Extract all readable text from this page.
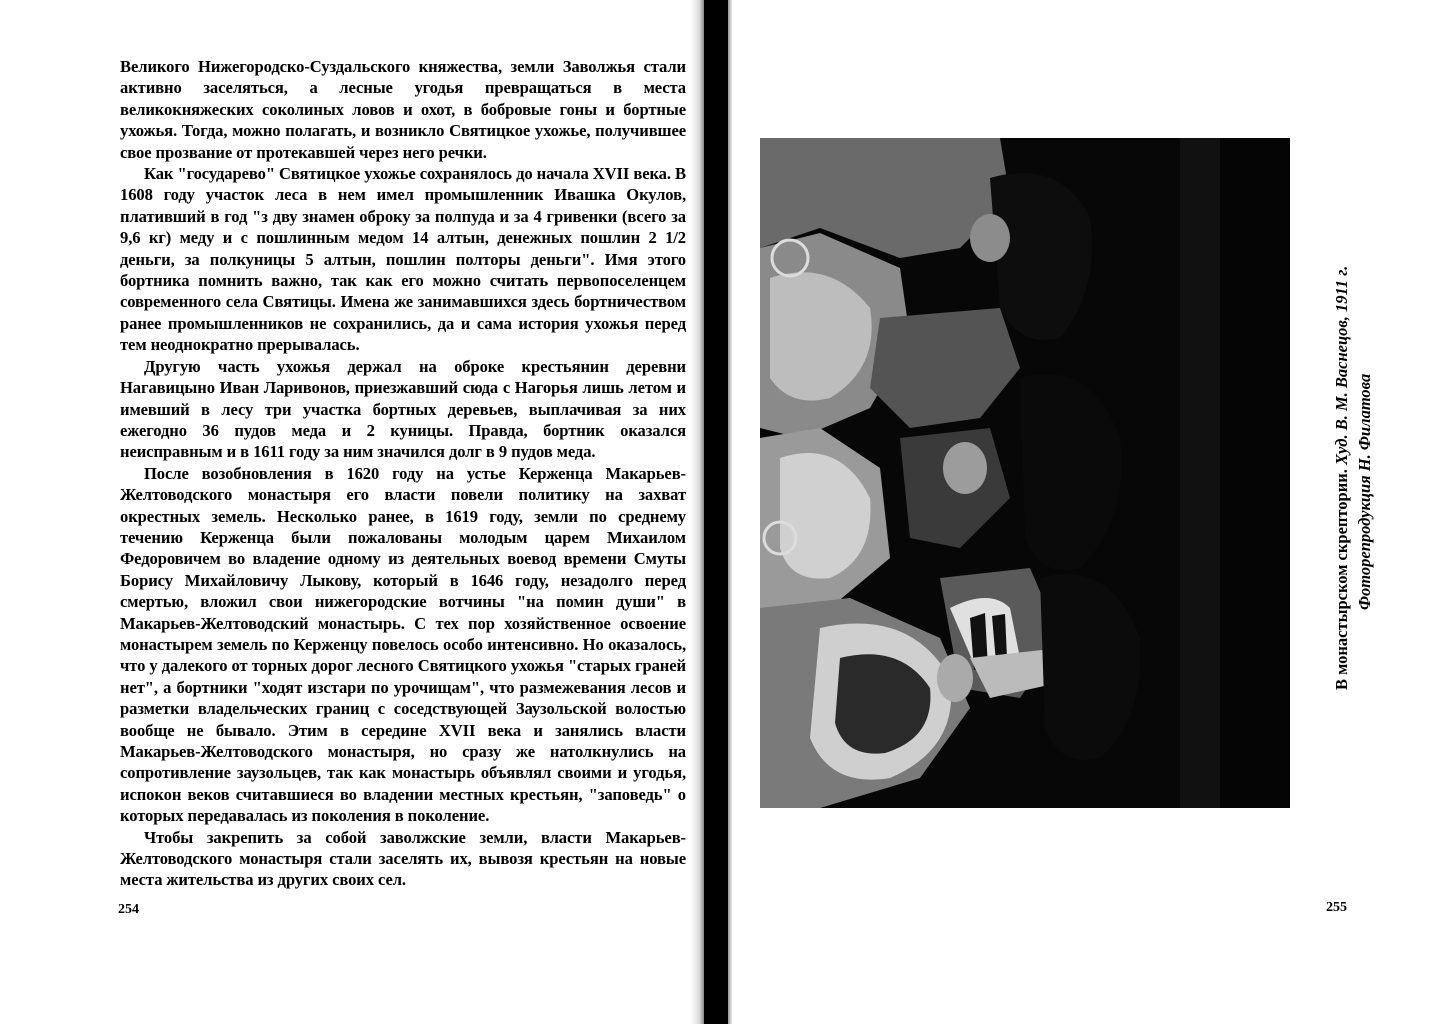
Великого Нижегородско-Суздальского княжества, земли Заволжья стали активно заселяться, а лесные угодья превращаться в места великокняжеских соколиных ловов и охот, в бобровые гоны и бортные ухожья. Тогда, можно полагать, и возникло Святицкое ухожье, получившее свое прозвание от протекавшей через него речки.

Как "государево" Святицкое ухожье сохранялось до начала XVII века. В 1608 году участок леса в нем имел промышленник Ивашка Окулов, плативший в год "з дву знамен оброку за полпуда и за 4 гривенки (всего за 9,6 кг) меду и с пошлинным медом 14 алтын, денежных пошлин 2 1/2 деньги, за полкуницы 5 алтын, пошлин полторы деньги". Имя этого бортника помнить важно, так как его можно считать первопоселенцем современного села Святицы. Имена же занимавшихся здесь бортничеством ранее промышленников не сохранились, да и сама история ухожья перед тем неоднократно прерывалась.

Другую часть ухожья держал на оброке крестьянин деревни Нагавицыно Иван Ларивонов, приезжавший сюда с Нагорья лишь летом и имевший в лесу три участка бортных деревьев, выплачивая за них ежегодно 36 пудов меда и 2 куницы. Правда, бортник оказался неисправным и в 1611 году за ним значился долг в 9 пудов меда.

После возобновления в 1620 году на устье Керженца Макарьев-Желтоводского монастыря его власти повели политику на захват окрестных земель. Несколько ранее, в 1619 году, земли по среднему течению Керженца были пожалованы молодым царем Михаилом Федоровичем во владение одному из деятельных воевод времени Смуты Борису Михайловичу Лыкову, который в 1646 году, незадолго перед смертью, вложил свои нижегородские вотчины "на помин души" в Макарьев-Желтоводский монастырь. С тех пор хозяйственное освоение монастырем земель по Керженцу повелось особо интенсивно. Но оказалось, что у далекого от торных дорог лесного Святицкого ухожья "старых граней нет", а бортники "ходят изстари по урочищам", что размежевания лесов и разметки владельческих границ с соседствующей Заузольской волостью вообще не бывало. Этим в середине XVII века и занялись власти Макарьев-Желтоводского монастыря, но сразу же натолкнулись на сопротивление заузольцев, так как монастырь объявлял своими и угодья, испокон веков считавшиеся во владении местных крестьян, "заповедь" о которых передавалась из поколения в поколение.

Чтобы закрепить за собой заволжские земли, власти Макарьев-Желтоводского монастыря стали заселять их, вывозя крестьян на новые места жительства из других своих сел.

254
В монастырском скрептории. Худ. В. М. Васнецов, 1911 г.
Фоторепродукция Н. Филатова
255
